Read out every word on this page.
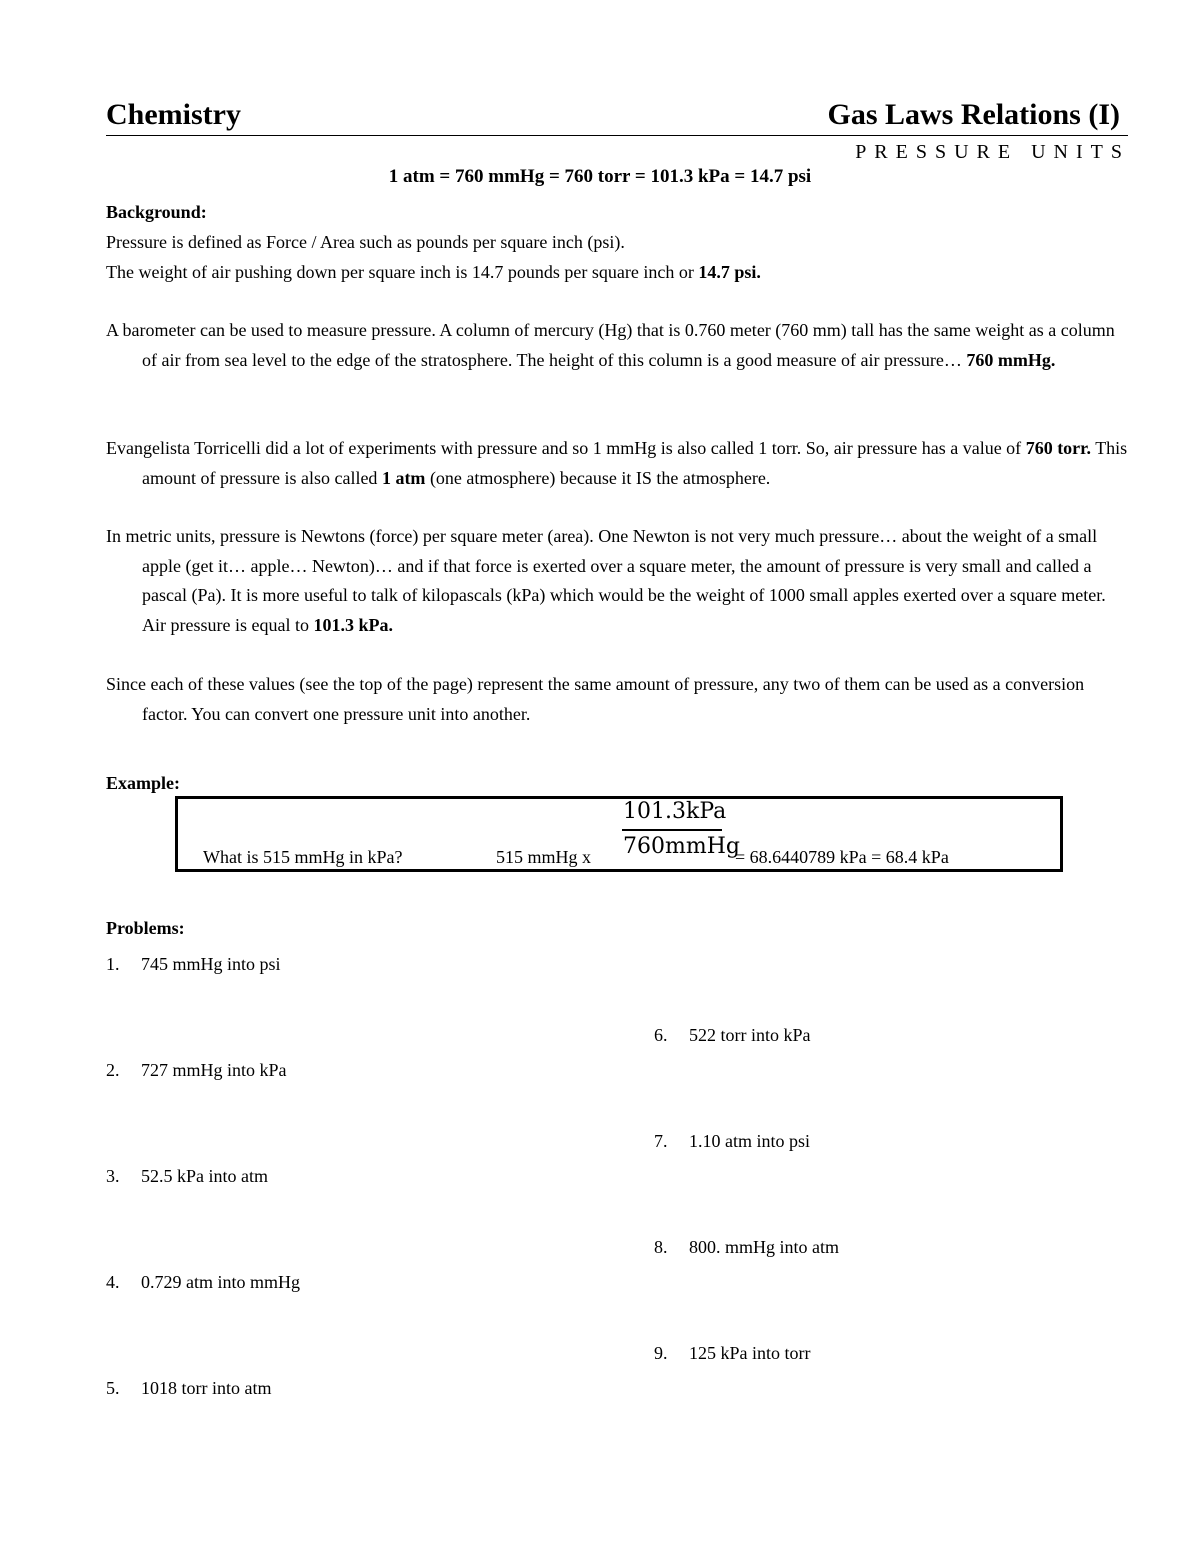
Chemistry	Gas Laws Relations (I)
PRESSURE UNITS
1 atm = 760 mmHg = 760 torr = 101.3 kPa = 14.7 psi
Background:

Pressure is defined as Force / Area such as pounds per square inch (psi).

The weight of air pushing down per square inch is 14.7 pounds per square inch or 14.7 psi.

A barometer can be used to measure pressure. A column of mercury (Hg) that is 0.760 meter (760 mm) tall has the same weight as a column of air from sea level to the edge of the stratosphere. The height of this column is a good measure of air pressure… 760 mmHg.

Evangelista Torricelli did a lot of experiments with pressure and so 1 mmHg is also called 1 torr. So, air pressure has a value of 760 torr. This amount of pressure is also called 1 atm (one atmosphere) because it IS the atmosphere.

In metric units, pressure is Newtons (force) per square meter (area). One Newton is not very much pressure… about the weight of a small apple (get it… apple… Newton)… and if that force is exerted over a square meter, the amount of pressure is very small and called a pascal (Pa). It is more useful to talk of kilopascals (kPa) which would be the weight of 1000 small apples exerted over a square meter. Air pressure is equal to 101.3 kPa.

Since each of these values (see the top of the page) represent the same amount of pressure, any two of them can be used as a conversion factor. You can convert one pressure unit into another.

Example:
What is 515 mmHg in kPa?	515 mmHg x
101.3kPa
760mmHg
= 68.6440789 kPa = 68.4 kPa
Problems:
1. 745 mmHg into psi
2. 727 mmHg into kPa
3. 52.5 kPa into atm
4. 0.729 atm into mmHg
5. 1018 torr into atm
6. 522 torr into kPa
7. 1.10 atm into psi
8. 800. mmHg into atm
9. 125 kPa into torr
